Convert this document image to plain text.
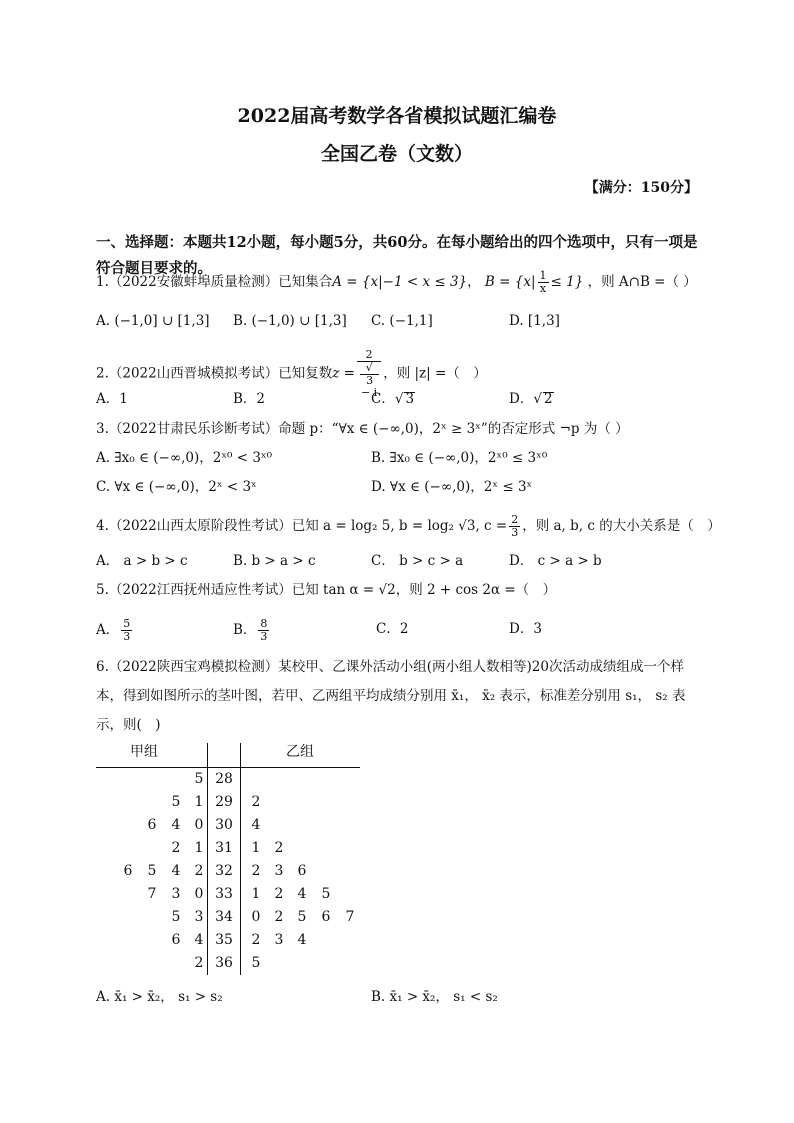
2022届高考数学各省模拟试题汇编卷
全国乙卷（文数）
【满分：150分】
一、选择题：本题共12小题，每小题5分，共60分。在每小题给出的四个选项中，只有一项是
符合题目要求的。
1.（2022安徽蚌埠质量检测）已知集合A = {x|−1 < x ≤ 3}， $B = \{x| \frac{1}{x} \le 1\}$ ，则 A∩B =（ ）
A. (−1,0] ∪ [1,3] B. (−1,0) ∪ [1,3] C. (−1,1]	D. [1,3]
2.（2022山西晋城模拟考试）已知复数z = 2
√
3
− i ，则 |z| =（　）
A．1	B．2	C．√ 3	D．√ 2
3.（2022甘肃民乐诊断考试）命题 p：“∀x ∈ (−∞,0)，2ˣ ≥ 3ˣ”的否定形式 ¬p 为（ ）
A. ∃x₀ ∈ (−∞,0)，2ˣ⁰ < 3ˣ⁰	B. ∃x₀ ∈ (−∞,0)，2ˣ⁰ ≤ 3ˣ⁰
C. ∀x ∈ (−∞,0)，2ˣ < 3ˣ	D. ∀x ∈ (−∞,0)，2ˣ ≤ 3ˣ
4.（2022山西太原阶段性考试）已知 a = log₂ 5, b = log₂ √3, $c = \frac{2}{3}$ ，则 a, b, c 的大小关系是（　）
A． a > b > c	B. b > a > c	C． b > c > a	D． c > a > b
5.（2022江西抚州适应性考试）已知 tan α = √2，则 2 + cos 2α =（　）
A． $\frac{5}{3}$	B． $\frac{8}{3}$	C．2	D．3
6.（2022陕西宝鸡模拟检测）某校甲、乙课外活动小组(两小组人数相等)20次活动成绩组成一个样
本，得到如图所示的茎叶图，若甲、乙两组平均成绩分别用 x̄₁， x̄₂ 表示，标准差分别用 s₁， s₂ 表
示，则(　)
甲组	乙组
5 28
5	1 29	2
6	4	0 30	4
2	1 31	1	2
6	5	4	2 32	2	3	6
7	3	0 33	1	2	4	5
5	3 34	0	2	5	6	7
6	4 35	2	3	4
2 36	5
A. x̄₁ > x̄₂， s₁ > s₂	B. x̄₁ > x̄₂， s₁ < s₂
